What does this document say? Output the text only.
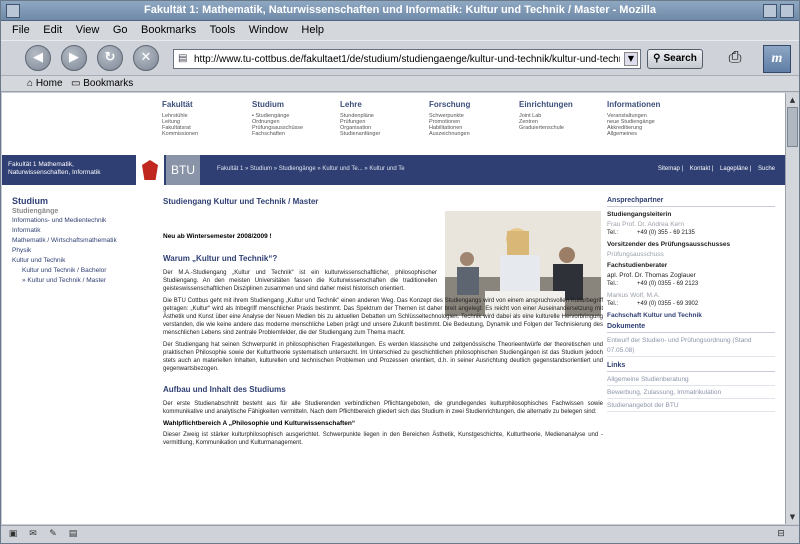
Fakultät 1: Mathematik, Naturwissenschaften und Informatik: Kultur und Technik / Master - Mozilla
File Edit View Go Bookmarks Tools Window Help
◀	▶	↻	✕	▤
http://www.tu-cottbus.de/fakultaet1/de/studium/studiengaenge/kultur-und-technik/kultur-und-technik-master/	▼	⚲ Search	⎙	m
⌂ Home ▭ Bookmarks
Fakultät
Lehrstühle
Leitung
Fakultätsrat
Kommissionen
Studium
▪ Studiengänge
Ordnungen
Prüfungsausschüsse
Fachschaften
Lehre
Stundenpläne
Prüfungen
Organisation
Studienanfänger
Forschung
Schwerpunkte
Promotionen
Habilitationen
Auszeichnungen
Einrichtungen
Joint Lab
Zentren
Graduiertenschule
Informationen
Veranstaltungen
neue Studiengänge
Akkreditierung
Allgemeines
Fakultät 1 Mathematik, Naturwissenschaften, Informatik	BTU	Fakultät 1 » Studium » Studiengänge » Kultur und Te... » Kultur und Te	Sitemap | Kontakt | Lagepläne | Suche
Studium
Studiengänge
Informations- und Medientechnik
Informatik
Mathematik / Wirtschaftsmathematik
Physik
Kultur und Technik
Kultur und Technik / Bachelor
» Kultur und Technik / Master
Studiengang Kultur und Technik / Master
Neu ab Wintersemester 2008/2009 !
Warum „Kultur und Technik“?

Der M.A.-Studiengang „Kultur und Technik“ ist ein kulturwissenschaftlicher, philosophischer Studiengang. An den meisten Universitäten fassen die Kulturwissenschaften die traditionellen geisteswissenschaftlichen Disziplinen zusammen und sind daher meist historisch orientiert.

Die BTU Cottbus geht mit ihrem Studiengang „Kultur und Technik“ einen anderen Weg. Das Konzept des Studiengangs wird von einem anspruchsvollen Kulturbegriff getragen: „Kultur“ wird als Inbegriff menschlicher Praxis bestimmt. Das Spektrum der Themen ist daher breit angelegt: Es reicht von einer Auseinandersetzung mit Ästhetik und Kunst über eine Analyse der Neuen Medien bis zu aktuellen Debatten um Schlüsseltechnologien. Technik wird dabei als eine kulturelle Hervorbringung verstanden, die wie keine andere das moderne menschliche Leben prägt und unsere Zukunft bestimmt. Die Bedeutung, Dynamik und Folgen der Technisierung des menschlichen Lebens sind zentrale Problemfelder, die der Studiengang zum Thema macht.

Der Studiengang hat seinen Schwerpunkt in philosophischen Fragestellungen. Es werden klassische und zeitgenössische Theorieentwürfe der theoretischen und praktischen Philosophie sowie der Kulturtheorie systematisch untersucht. Im Unterschied zu geschichtlichen philosophischen Studiengängen ist das Studium jedoch stets auch an materiellen Inhalten, kulturellen und technischen Problemen und Prozessen orientiert, d.h. in seiner Ausrichtung deutlich gegenstandsorientiert und gegenwartsbezogen.

Aufbau und Inhalt des Studiums

Der erste Studienabschnitt besteht aus für alle Studierenden verbindlichen Pflichtangeboten, die grundlegendes kulturphilosophisches Fachwissen sowie kommunikative und analytische Fähigkeiten vermitteln. Nach dem Pflichtbereich gliedert sich das Studium in zwei Studienrichtungen, die alternativ zu belegen sind:

Wahlpflichtbereich A „Philosophie und Kulturwissenschaften“

Dieser Zweig ist stärker kulturphilosophisch ausgerichtet. Schwerpunkte liegen in den Bereichen Ästhetik, Kunstgeschichte, Kulturtheorie, Medienanalyse und -vermittlung, Kommunikation und Kulturmanagement.

Ansprechpartner
Studiengangsleiterin
Frau Prof. Dr. Andrea Kern
Tel.:	+49 (0) 355 - 69 2135
Vorsitzender des Prüfungsausschusses
Prüfungsausschuss
Fachstudienberater
apl. Prof. Dr. Thomas Zoglauer
Tel.:	+49 (0) 0355 - 69 2123
Markus Wolf, M.A.
Tel.:	+49 (0) 0355 - 69 3902
Fachschaft Kultur und Technik
Dokumente
Entwurf der Studien- und Prüfungsordnung (Stand 07.05.08)
Links
Allgemeine Studienberatung
Bewerbung, Zulassung, Immatrikulation
Studienangebot der BTU
▲
▼
▣ ✉ ✎ ▤	⊟
